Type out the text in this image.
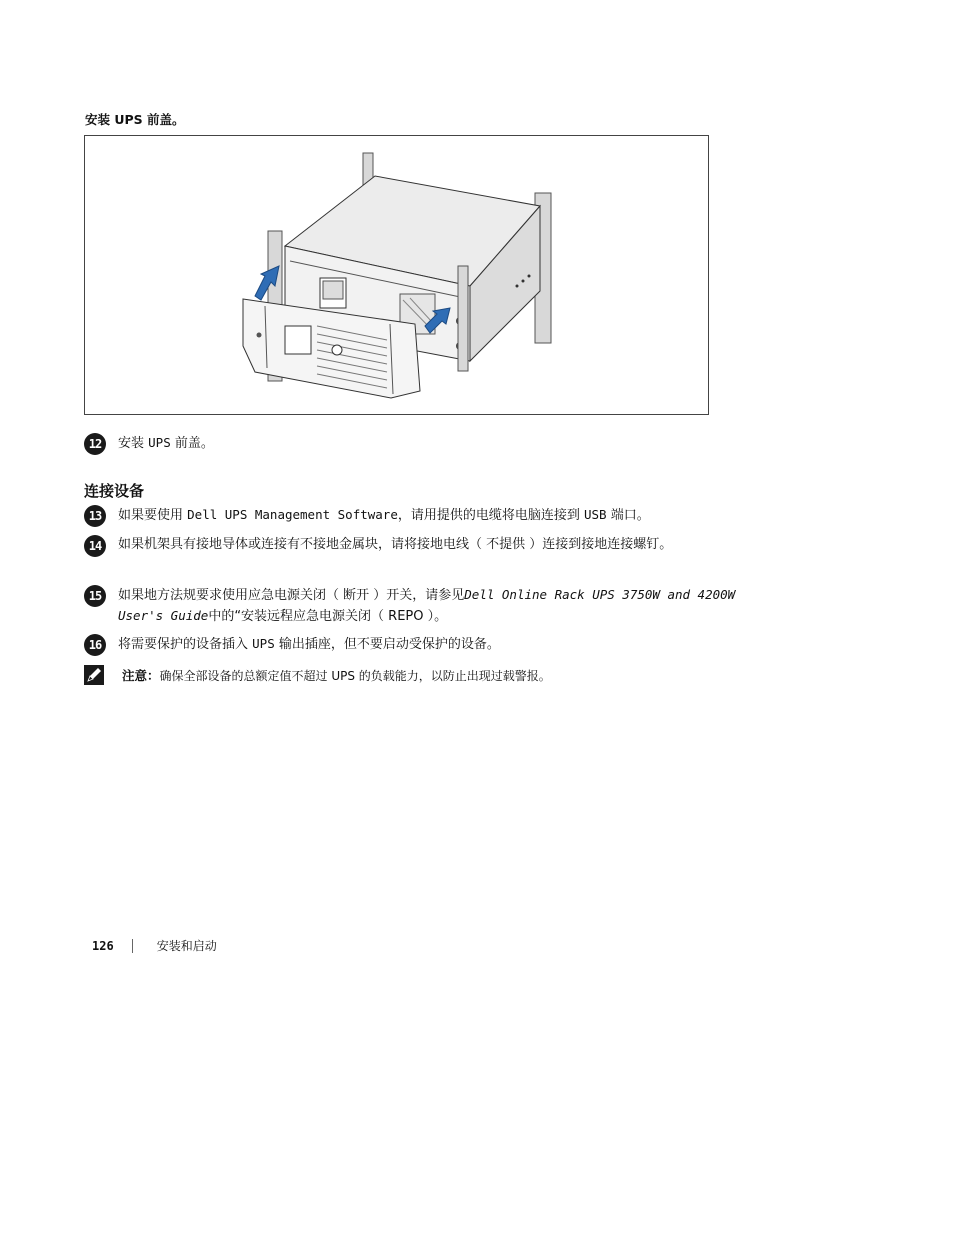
安装 UPS 前盖。
12	安装 UPS 前盖。
连接设备
13	如果要使用 Dell UPS Management Software，请用提供的电缆将电脑连接到 USB 端口。
14	如果机架具有接地导体或连接有不接地金属块，请将接地电线（ 不提供 ）连接到接地连接螺钉。
15	如果地方法规要求使用应急电源关闭（ 断开 ）开关，请参见Dell Online Rack UPS 3750W and 4200W User's Guide中的“安装远程应急电源关闭（ REPO ）。
16	将需要保护的设备插入 UPS 输出插座，但不要启动受保护的设备。
注意： 确保全部设备的总额定值不超过 UPS 的负载能力，以防止出现过载警报。
126	安装和启动
